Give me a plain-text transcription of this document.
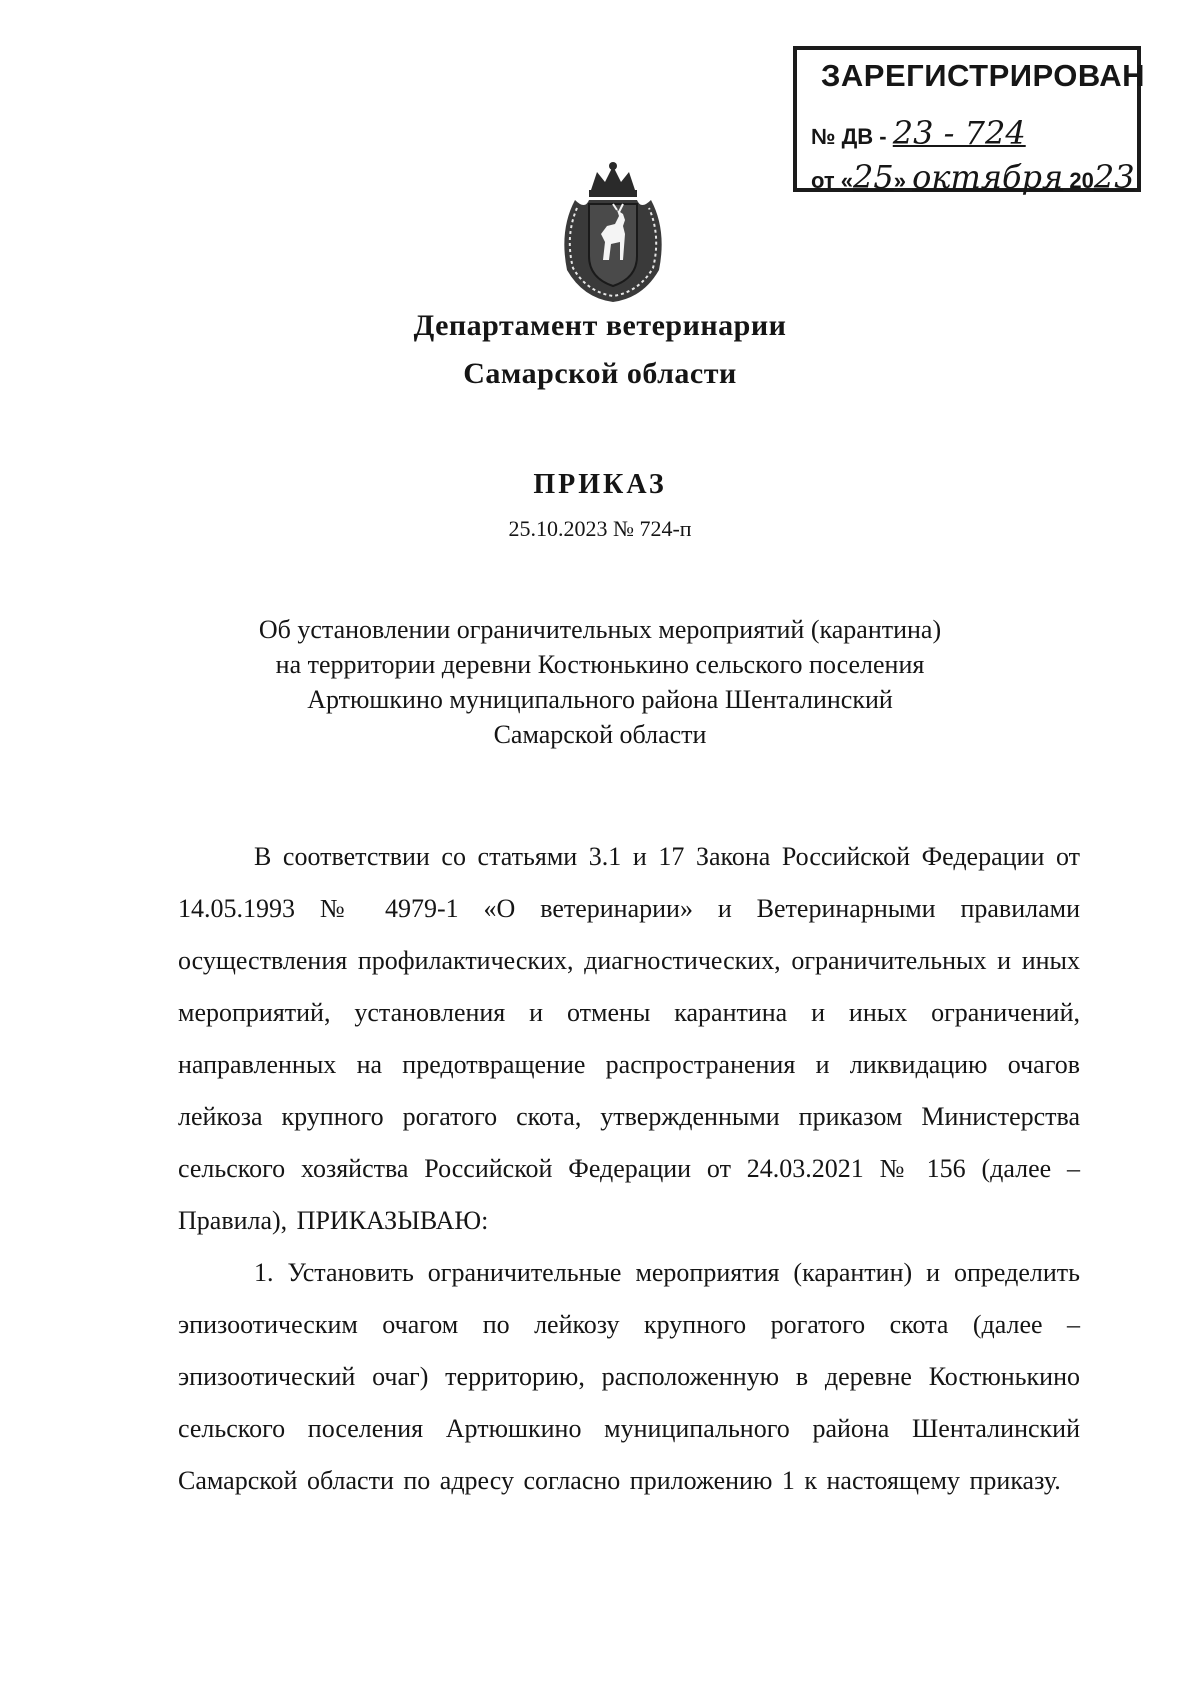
ЗАРЕГИСТРИРОВАН
№ ДВ - 23 - 724
от «25» октября 2023
Департамент ветеринарии
Самарской области
ПРИКАЗ
25.10.2023 № 724-п
Об установлении ограничительных мероприятий (карантина)
на территории деревни Костюнькино сельского поселения
Артюшкино муниципального района Шенталинский
Самарской области

В соответствии со статьями 3.1 и 17 Закона Российской Федерации от 14.05.1993 № 4979-1 «О ветеринарии» и Ветеринарными правилами осуществления профилактических, диагностических, ограничительных и иных мероприятий, установления и отмены карантина и иных ограничений, направленных на предотвращение распространения и ликвидацию очагов лейкоза крупного рогатого скота, утвержденными приказом Министерства сельского хозяйства Российской Федерации от 24.03.2021 № 156 (далее – Правила), ПРИКАЗЫВАЮ:

1. Установить ограничительные мероприятия (карантин) и определить эпизоотическим очагом по лейкозу крупного рогатого скота (далее – эпизоотический очаг) территорию, расположенную в деревне Костюнькино сельского поселения Артюшкино муниципального района Шенталинский Самарской области по адресу согласно приложению 1 к настоящему приказу.
